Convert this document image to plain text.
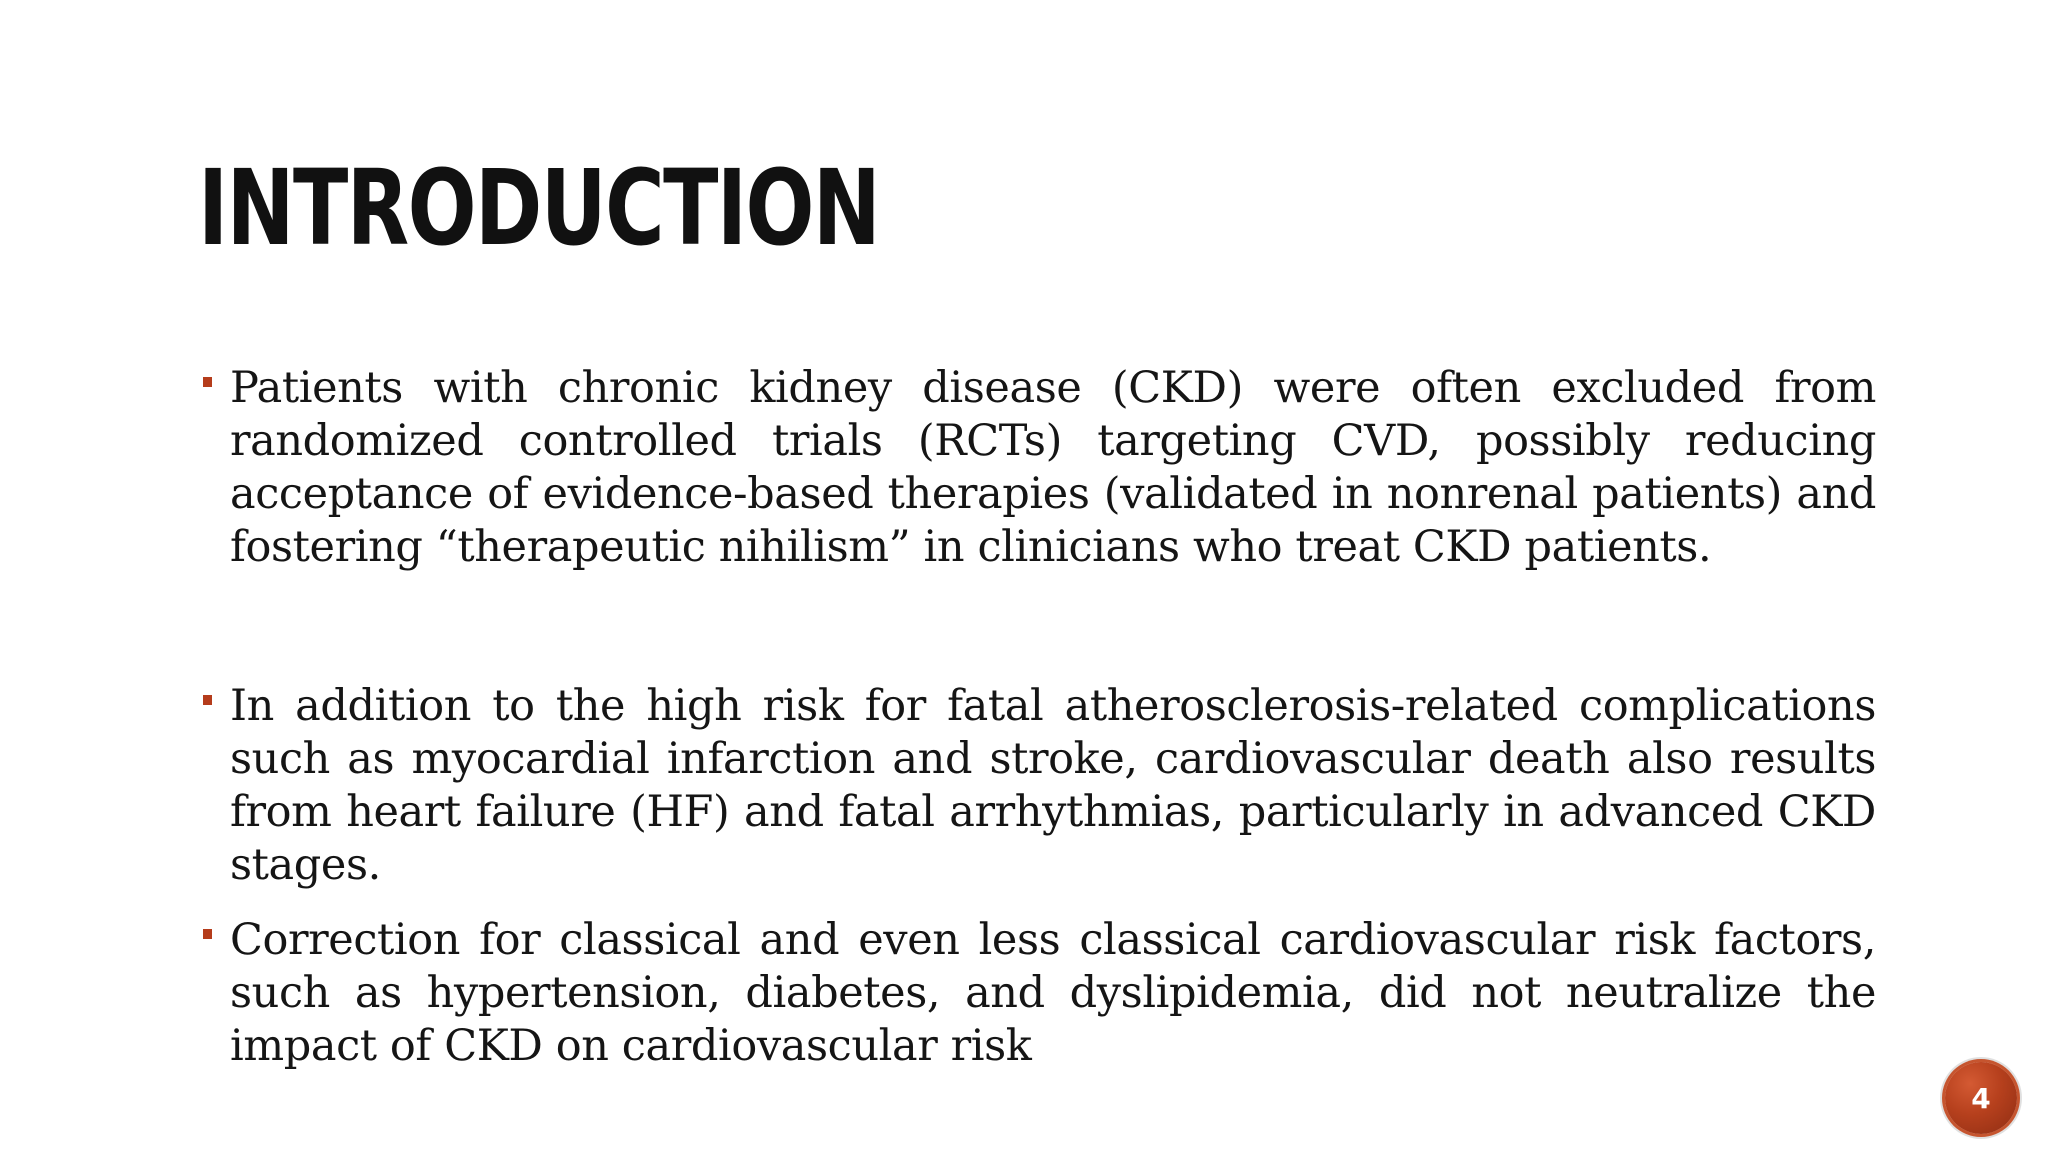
INTRODUCTION
Patients with chronic kidney disease (CKD) were often excluded from randomized controlled trials (RCTs) targeting CVD, possibly reducing acceptance of evidence-based therapies (validated in nonrenal patients) and fostering “therapeutic nihilism” in clinicians who treat CKD patients.
In addition to the high risk for fatal atherosclerosis-related complications such as myocardial infarction and stroke, cardiovascular death also results from heart failure (HF) and fatal arrhythmias, particularly in advanced CKD stages.
Correction for classical and even less classical cardiovascular risk factors, such as hypertension, diabetes, and dyslipidemia, did not neutralize the impact of CKD on cardiovascular risk
4
